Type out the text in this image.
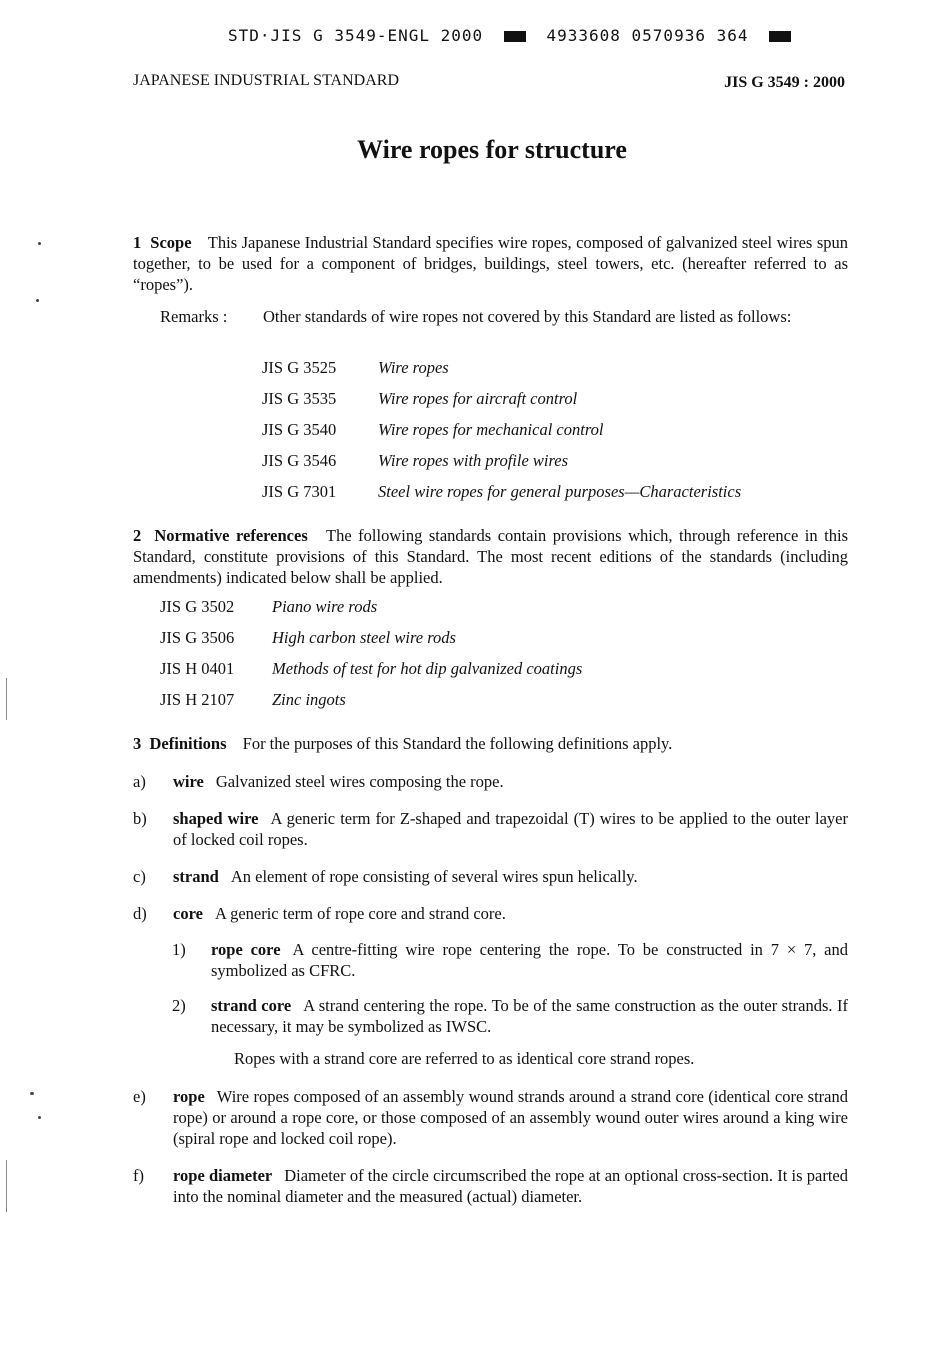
STD·JIS G 3549-ENGL 2000	4933608 0570936 364
JAPANESE INDUSTRIAL STANDARD	JIS G 3549 : 2000
Wire ropes for structure
1 Scope This Japanese Industrial Standard specifies wire ropes, composed of galvanized steel wires spun together, to be used for a component of bridges, buildings, steel towers, etc. (hereafter referred to as “ropes”).
Remarks : Other standards of wire ropes not covered by this Standard are listed as follows:
JIS G 3525	Wire ropes
JIS G 3535	Wire ropes for aircraft control
JIS G 3540	Wire ropes for mechanical control
JIS G 3546	Wire ropes with profile wires
JIS G 7301	Steel wire ropes for general purposes—Characteristics
2 Normative references The following standards contain provisions which, through reference in this Standard, constitute provisions of this Standard. The most recent editions of the standards (including amendments) indicated below shall be applied.
JIS G 3502 Piano wire rods
JIS G 3506 High carbon steel wire rods
JIS H 0401 Methods of test for hot dip galvanized coatings
JIS H 2107 Zinc ingots
3 Definitions For the purposes of this Standard the following definitions apply.
a) wire Galvanized steel wires composing the rope.
b) shaped wire A generic term for Z-shaped and trapezoidal (T) wires to be applied to the outer layer of locked coil ropes.
c) strand An element of rope consisting of several wires spun helically.
d) core A generic term of rope core and strand core.
1) rope core A centre-fitting wire rope centering the rope. To be constructed in 7 × 7, and symbolized as CFRC.
2) strand core A strand centering the rope. To be of the same construction as the outer strands. If necessary, it may be symbolized as IWSC.
Ropes with a strand core are referred to as identical core strand ropes.
e) rope Wire ropes composed of an assembly wound strands around a strand core (identical core strand rope) or around a rope core, or those composed of an assembly wound outer wires around a king wire (spiral rope and locked coil rope).
f) rope diameter Diameter of the circle circumscribed the rope at an optional cross-section. It is parted into the nominal diameter and the measured (actual) diameter.
